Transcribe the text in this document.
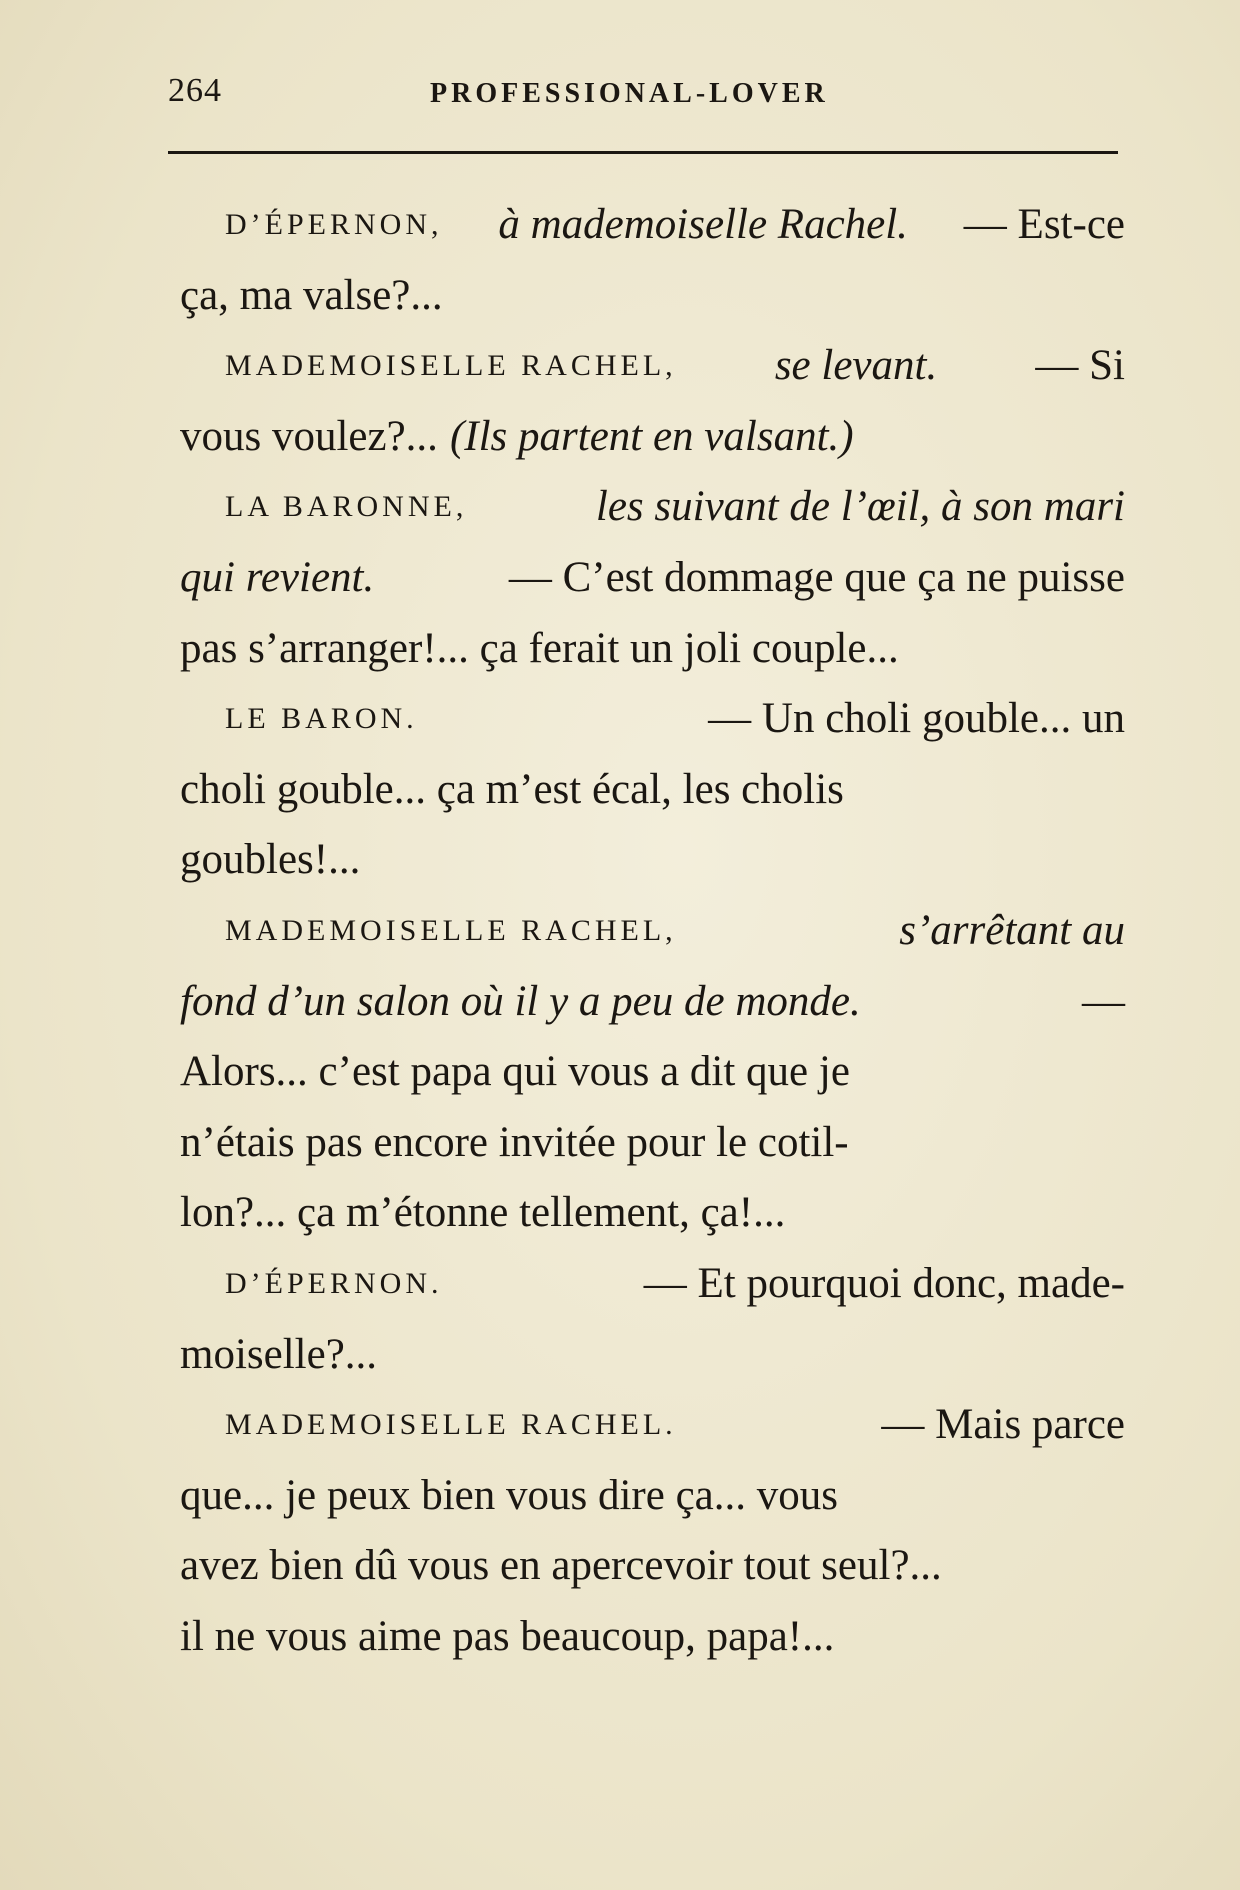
264	PROFESSIONAL-LOVER
D’ÉPERNON, à mademoiselle Rachel. — Est-ce
ça, ma valse?...
MADEMOISELLE RACHEL, se levant. — Si
vous voulez?... (Ils partent en valsant.)
LA BARONNE,	les suivant de l’œil, à son mari
qui revient.	— C’est dommage que ça ne puisse
pas s’arranger!... ça ferait un joli couple...
LE BARON.	— Un choli gouble... un
choli gouble... ça m’est écal, les cholis
goubles!...
MADEMOISELLE RACHEL,	s’arrêtant au
fond d’un salon où il y a peu de monde.	—
Alors... c’est papa qui vous a dit que je
n’étais pas encore invitée pour le cotil-
lon?... ça m’étonne tellement, ça!...
D’ÉPERNON.	— Et pourquoi donc, made-
moiselle?...
MADEMOISELLE RACHEL.	— Mais parce
que... je peux bien vous dire ça... vous
avez bien dû vous en apercevoir tout seul?...
il ne vous aime pas beaucoup, papa!...
